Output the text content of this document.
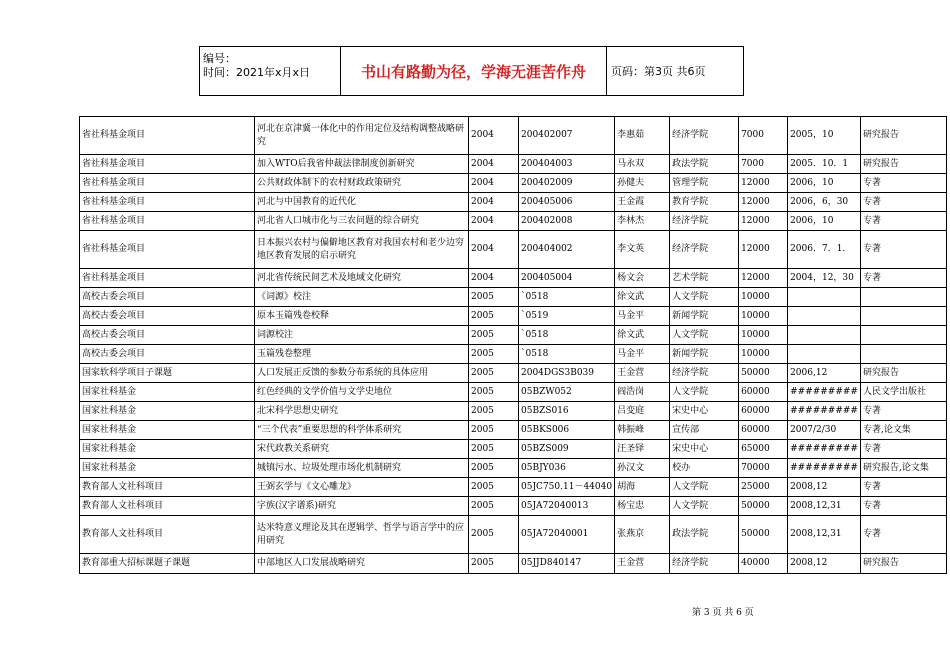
编号：
时间：2021年x月x日	书山有路勤为径，学海无涯苦作舟	页码：第3页 共6页
省社科基金项目	河北在京津冀一体化中的作用定位及结构调整战略研究	2004	200402007	李惠茹	经济学院	7000	2005，10	研究报告
省社科基金项目	加入WTO后我省仲裁法律制度创新研究	2004	200404003	马永双	政法学院	7000	2005．10．1	研究报告
省社科基金项目	公共财政体制下的农村财政政策研究	2004	200402009	孙健夫	管理学院	12000	2006，10	专著
省社科基金项目	河北与中国教育的近代化	2004	200405006	王金霞	教育学院	12000	2006，6，30	专著
省社科基金项目	河北省人口城市化与三农问题的综合研究	2004	200402008	李林杰	经济学院	12000	2006，10	专著
省社科基金项目	日本振兴农村与偏僻地区教育对我国农村和老少边穷地区教育发展的启示研究	2004	200404002	李文英	经济学院	12000	2006．7．1．	专著
省社科基金项目	河北省传统民间艺术及地域文化研究	2004	200405004	杨文会	艺术学院	12000	2004，12，30	专著
高校古委会项目	《词源》校注	2005	`0518	徐文武	人文学院	10000		
高校古委会项目	原本玉篇残卷校释	2005	`0519	马金平	新闻学院	10000		
高校古委会项目	词源校注	2005	`0518	徐文武	人文学院	10000		
高校古委会项目	玉篇残卷整理	2005	`0518	马金平	新闻学院	10000		
国家软科学项目子课题	人口发展正反馈的参数分布系统的具体应用	2005	2004DGS3B039	王金营	经济学院	50000	2006,12	研究报告
国家社科基金	红色经典的文学价值与文学史地位	2005	05BZW052	阎浩岗	人文学院	60000	#########	人民文学出版社
国家社科基金	北宋科学思想史研究	2005	05BZS016	吕变庭	宋史中心	60000	#########	专著
国家社科基金	“三个代表”重要思想的科学体系研究	2005	05BKS006	韩振峰	宣传部	60000	2007/2/30	专著,论文集
国家社科基金	宋代政教关系研究	2005	05BZS009	汪圣铎	宋史中心	65000	#########	专著
国家社科基金	城镇污水、垃圾处理市场化机制研究	2005	05BJY036	孙汉文	校办	70000	#########	研究报告,论文集
教育部人文社科项目	王弼玄学与《文心雕龙》	2005	05JC750.11－44040	胡海	人文学院	25000	2008,12	专著
教育部人文社科项目	字族(汉字谱系)研究	2005	05JA72040013	杨宝忠	人文学院	50000	2008,12,31	专著
教育部人文社科项目	达米特意义理论及其在逻辑学、哲学与语言学中的应用研究	2005	05JA72040001	张燕京	政法学院	50000	2008,12,31	专著
教育部重大招标课题子课题	中部地区人口发展战略研究	2005	05JJD840147	王金营	经济学院	40000	2008,12	研究报告
第 3 页 共 6 页
